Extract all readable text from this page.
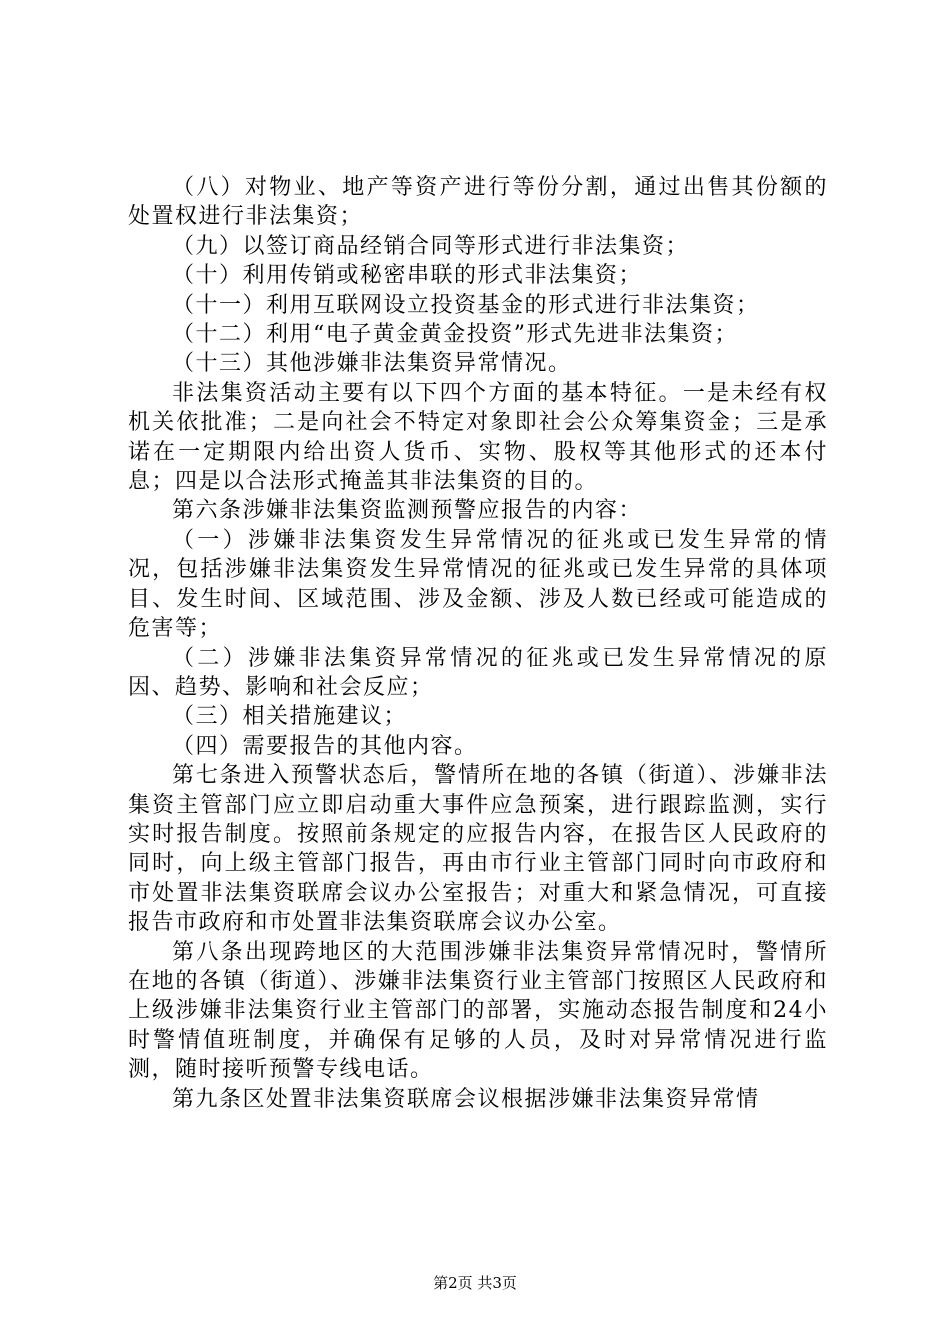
（八）对物业、地产等资产进行等份分割，通过出售其份额的处置权进行非法集资；

（九）以签订商品经销合同等形式进行非法集资；

（十）利用传销或秘密串联的形式非法集资；

（十一）利用互联网设立投资基金的形式进行非法集资；

（十二）利用“电子黄金黄金投资”形式先进非法集资；

（十三）其他涉嫌非法集资异常情况。

非法集资活动主要有以下四个方面的基本特征。一是未经有权机关依批准；二是向社会不特定对象即社会公众筹集资金；三是承诺在一定期限内给出资人货币、实物、股权等其他形式的还本付息；四是以合法形式掩盖其非法集资的目的。

第六条涉嫌非法集资监测预警应报告的内容：

（一）涉嫌非法集资发生异常情况的征兆或已发生异常的情况，包括涉嫌非法集资发生异常情况的征兆或已发生异常的具体项目、发生时间、区域范围、涉及金额、涉及人数已经或可能造成的危害等；

（二）涉嫌非法集资异常情况的征兆或已发生异常情况的原因、趋势、影响和社会反应；

（三）相关措施建议；

（四）需要报告的其他内容。

第七条进入预警状态后，警情所在地的各镇（街道）、涉嫌非法集资主管部门应立即启动重大事件应急预案，进行跟踪监测，实行实时报告制度。按照前条规定的应报告内容，在报告区人民政府的同时，向上级主管部门报告，再由市行业主管部门同时向市政府和市处置非法集资联席会议办公室报告；对重大和紧急情况，可直接报告市政府和市处置非法集资联席会议办公室。

第八条出现跨地区的大范围涉嫌非法集资异常情况时，警情所在地的各镇（街道）、涉嫌非法集资行业主管部门按照区人民政府和上级涉嫌非法集资行业主管部门的部署，实施动态报告制度和24小时警情值班制度，并确保有足够的人员，及时对异常情况进行监测，随时接听预警专线电话。

第九条区处置非法集资联席会议根据涉嫌非法集资异常情

第2页 共3页
